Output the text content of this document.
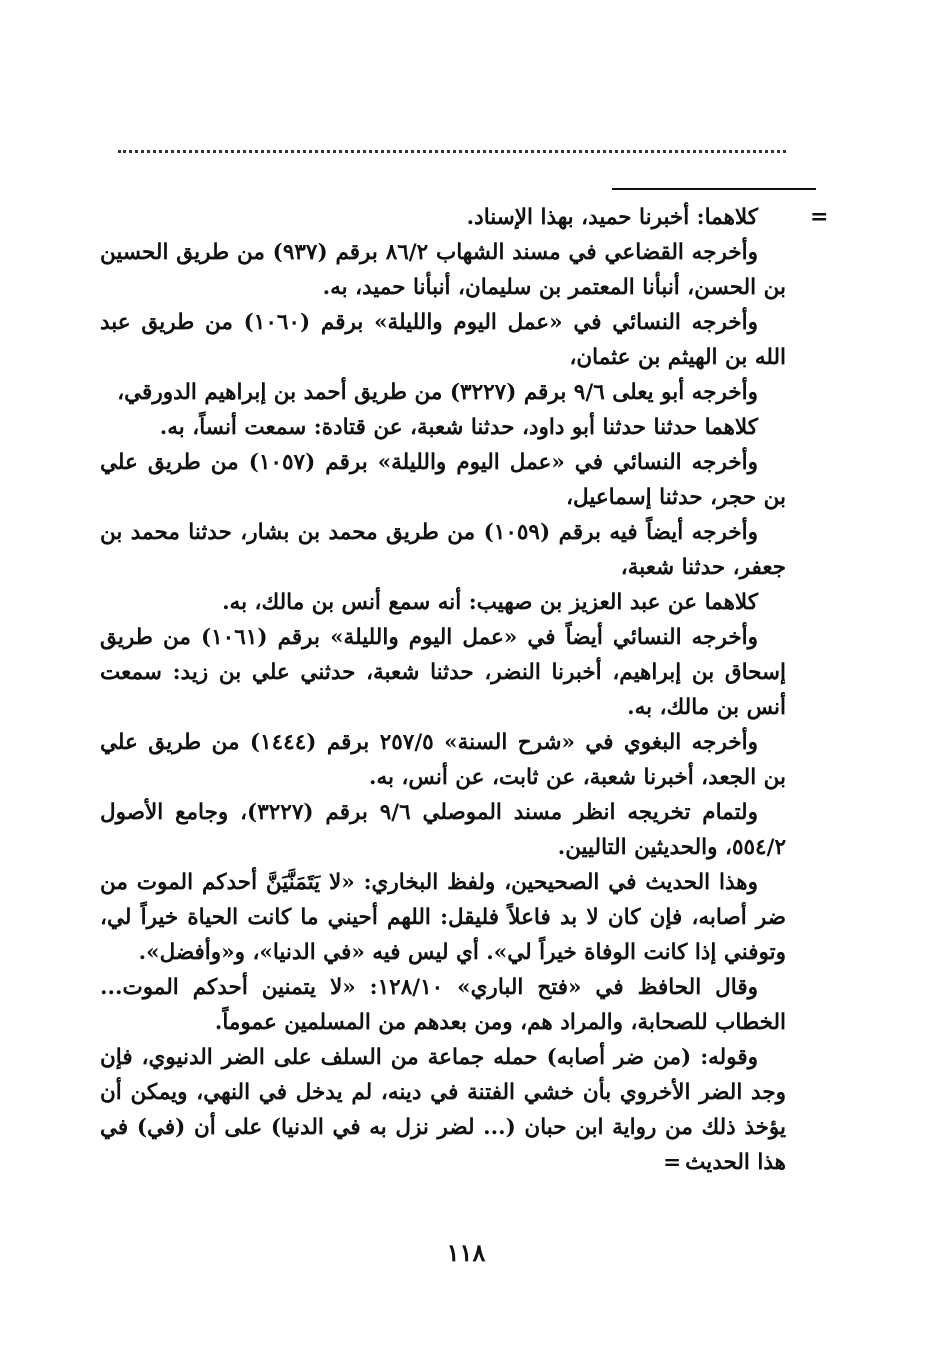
=

كلاهما: أخبرنا حميد، بهذا الإسناد.

وأخرجه القضاعي في مسند الشهاب ٨٦/٢ برقم (٩٣٧) من طريق الحسين بن الحسن، أنبأنا المعتمر بن سليمان، أنبأنا حميد، به.

وأخرجه النسائي في «عمل اليوم والليلة» برقم (١٠٦٠) من طريق عبد الله بن الهيثم بن عثمان،

وأخرجه أبو يعلى ٩/٦ برقم (٣٢٢٧) من طريق أحمد بن إبراهيم الدورقي،

كلاهما حدثنا حدثنا أبو داود، حدثنا شعبة، عن قتادة: سمعت أنساً، به.

وأخرجه النسائي في «عمل اليوم والليلة» برقم (١٠٥٧) من طريق علي بن حجر، حدثنا إسماعيل،

وأخرجه أيضاً فيه برقم (١٠٥٩) من طريق محمد بن بشار، حدثنا محمد بن جعفر، حدثنا شعبة،

كلاهما عن عبد العزيز بن صهيب: أنه سمع أنس بن مالك، به.

وأخرجه النسائي أيضاً في «عمل اليوم والليلة» برقم (١٠٦١) من طريق إسحاق بن إبراهيم، أخبرنا النضر، حدثنا شعبة، حدثني علي بن زيد: سمعت أنس بن مالك، به.

وأخرجه البغوي في «شرح السنة» ٢٥٧/٥ برقم (١٤٤٤) من طريق علي بن الجعد، أخبرنا شعبة، عن ثابت، عن أنس، به.

ولتمام تخريجه انظر مسند الموصلي ٩/٦ برقم (٣٢٢٧)، وجامع الأصول ٥٥٤/٢، والحديثين التاليين.

وهذا الحديث في الصحيحين، ولفظ البخاري: «لا يَتَمَنَّيَنَّ أحدكم الموت من ضر أصابه، فإن كان لا بد فاعلاً فليقل: اللهم أحيني ما كانت الحياة خيراً لي، وتوفني إذا كانت الوفاة خيراً لي». أي ليس فيه «في الدنيا»، و«وأفضل».

وقال الحافظ في «فتح الباري» ١٢٨/١٠: «لا يتمنين أحدكم الموت... الخطاب للصحابة، والمراد هم، ومن بعدهم من المسلمين عموماً.

وقوله: (من ضر أصابه) حمله جماعة من السلف على الضر الدنيوي، فإن وجد الضر الأخروي بأن خشي الفتنة في دينه، لم يدخل في النهي، ويمكن أن يؤخذ ذلك من رواية ابن حبان (... لضر نزل به في الدنيا) على أن (في) في هذا الحديث=

١١٨
